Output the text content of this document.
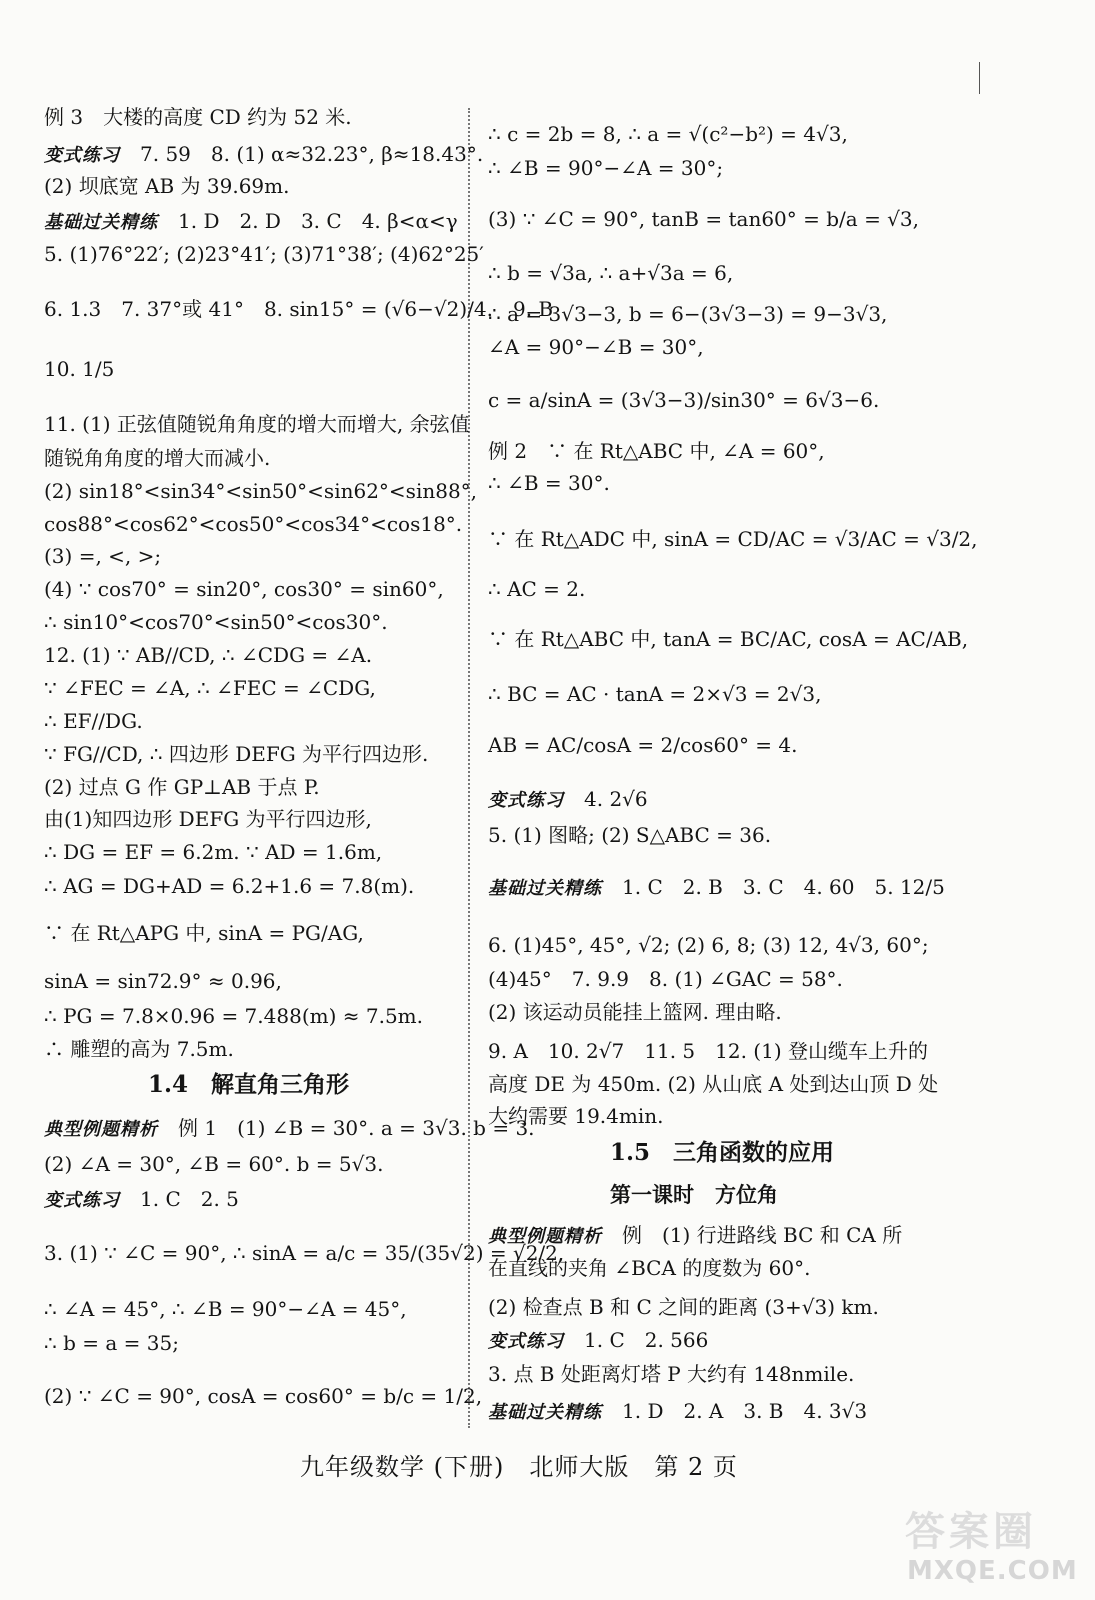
例 3　大楼的高度 CD 约为 52 米.
变式练习　7. 59　8. (1) α≈32.23°, β≈18.43°.
(2) 坝底宽 AB 为 39.69m.
基础过关精练　1. D　2. D　3. C　4. β<α<γ
5. (1)76°22′; (2)23°41′; (3)71°38′; (4)62°25′
6. 1.3　7. 37°或 41°　8. sin15° = (√6−√2)/4.　9. B
10. 1/5
11. (1) 正弦值随锐角角度的增大而增大, 余弦值
随锐角角度的增大而减小.
(2) sin18°<sin34°<sin50°<sin62°<sin88°,
cos88°<cos62°<cos50°<cos34°<cos18°.
(3) =, <, >;
(4) ∵ cos70° = sin20°, cos30° = sin60°,
∴ sin10°<cos70°<sin50°<cos30°.
12. (1) ∵ AB//CD, ∴ ∠CDG = ∠A.
∵ ∠FEC = ∠A, ∴ ∠FEC = ∠CDG,
∴ EF//DG.
∵ FG//CD, ∴ 四边形 DEFG 为平行四边形.
(2) 过点 G 作 GP⊥AB 于点 P.
由(1)知四边形 DEFG 为平行四边形,
∴ DG = EF = 6.2m. ∵ AD = 1.6m,
∴ AG = DG+AD = 6.2+1.6 = 7.8(m).
∵ 在 Rt△APG 中, sinA = PG/AG,
sinA = sin72.9° ≈ 0.96,
∴ PG = 7.8×0.96 = 7.488(m) ≈ 7.5m.
∴ 雕塑的高为 7.5m.
1.4　解直角三角形
典型例题精析　例 1　(1) ∠B = 30°. a = 3√3. b = 3.
(2) ∠A = 30°, ∠B = 60°. b = 5√3.
变式练习　1. C　2. 5
3. (1) ∵ ∠C = 90°, ∴ sinA = a/c = 35/(35√2) = √2/2,
∴ ∠A = 45°, ∴ ∠B = 90°−∠A = 45°,
∴ b = a = 35;
(2) ∵ ∠C = 90°, cosA = cos60° = b/c = 1/2,
∴ c = 2b = 8, ∴ a = √(c²−b²) = 4√3,
∴ ∠B = 90°−∠A = 30°;
(3) ∵ ∠C = 90°, tanB = tan60° = b/a = √3,
∴ b = √3a, ∴ a+√3a = 6,
∴ a = 3√3−3, b = 6−(3√3−3) = 9−3√3,
∠A = 90°−∠B = 30°,
c = a/sinA = (3√3−3)/sin30° = 6√3−6.
例 2　∵ 在 Rt△ABC 中, ∠A = 60°,
∴ ∠B = 30°.
∵ 在 Rt△ADC 中, sinA = CD/AC = √3/AC = √3/2,
∴ AC = 2.
∵ 在 Rt△ABC 中, tanA = BC/AC, cosA = AC/AB,
∴ BC = AC · tanA = 2×√3 = 2√3,
AB = AC/cosA = 2/cos60° = 4.
变式练习　4. 2√6
5. (1) 图略; (2) S△ABC = 36.
基础过关精练　1. C　2. B　3. C　4. 60　5. 12/5
6. (1)45°, 45°, √2; (2) 6, 8; (3) 12, 4√3, 60°;
(4)45°　7. 9.9　8. (1) ∠GAC = 58°.
(2) 该运动员能挂上篮网. 理由略.
9. A　10. 2√7　11. 5　12. (1) 登山缆车上升的
高度 DE 为 450m. (2) 从山底 A 处到达山顶 D 处
大约需要 19.4min.
1.5　三角函数的应用
第一课时　方位角
典型例题精析　例　(1) 行进路线 BC 和 CA 所
在直线的夹角 ∠BCA 的度数为 60°.
(2) 检查点 B 和 C 之间的距离 (3+√3) km.
变式练习　1. C　2. 566
3. 点 B 处距离灯塔 P 大约有 148nmile.
基础过关精练　1. D　2. A　3. B　4. 3√3
九年级数学 (下册)　北师大版　第 2 页
答案圈
MXQE.COM
